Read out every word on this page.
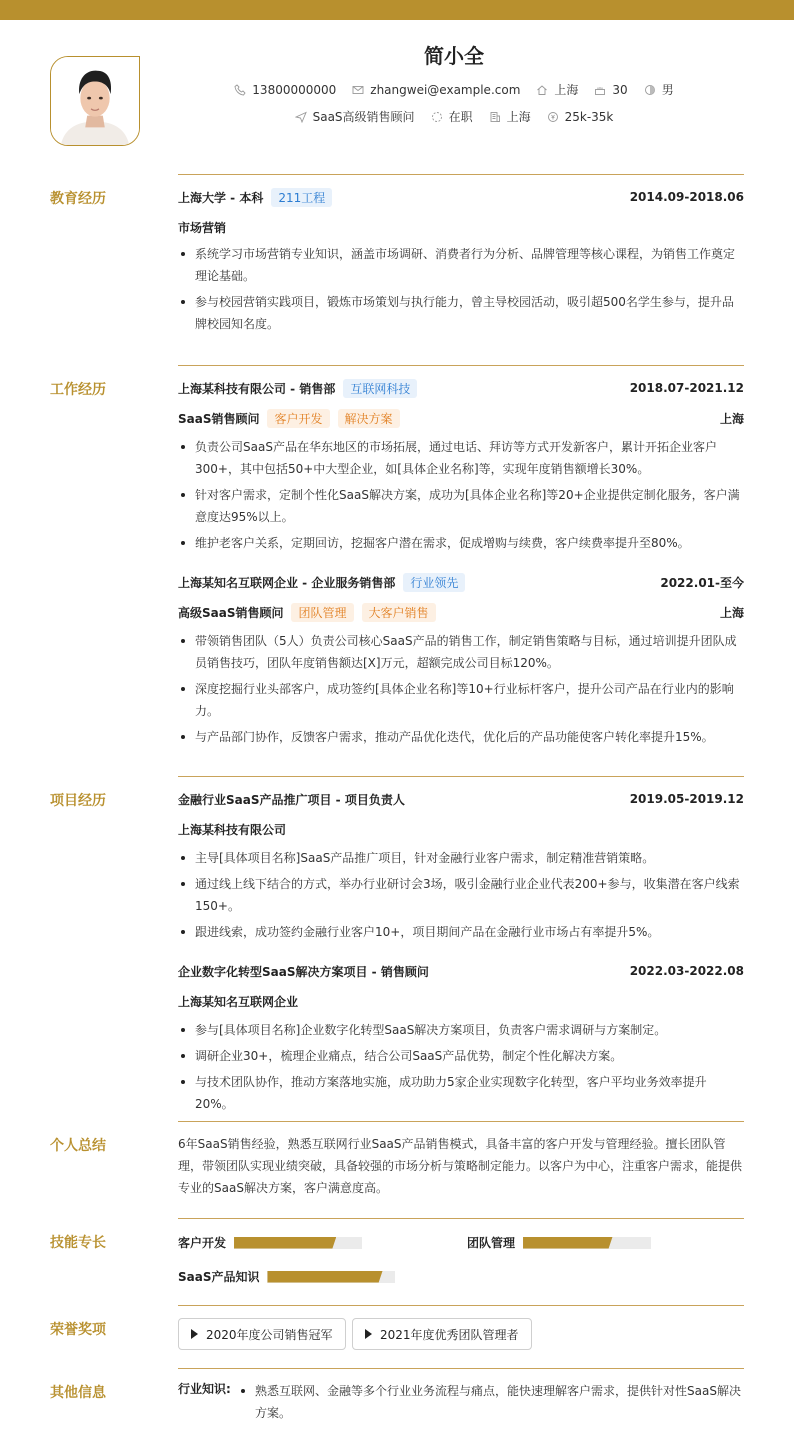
简小全
13800000000	zhangwei@example.com	上海	30	男
SaaS高级销售顾问	在职	上海	25k-35k
教育经历	上海大学 - 本科	211工程	2014.09-2018.06
市场营销
系统学习市场营销专业知识，涵盖市场调研、消费者行为分析、品牌管理等核心课程，为销售工作奠定理论基础。
参与校园营销实践项目，锻炼市场策划与执行能力，曾主导校园活动，吸引超500名学生参与，提升品牌校园知名度。
工作经历	上海某科技有限公司 - 销售部	互联网科技	2018.07-2021.12
SaaS销售顾问	客户开发	解决方案	上海
负责公司SaaS产品在华东地区的市场拓展，通过电话、拜访等方式开发新客户，累计开拓企业客户300+，其中包括50+中大型企业，如[具体企业名称]等，实现年度销售额增长30%。
针对客户需求，定制个性化SaaS解决方案，成功为[具体企业名称]等20+企业提供定制化服务，客户满意度达95%以上。
维护老客户关系，定期回访，挖掘客户潜在需求，促成增购与续费，客户续费率提升至80%。
上海某知名互联网企业 - 企业服务销售部	行业领先	2022.01-至今
高级SaaS销售顾问	团队管理	大客户销售	上海
带领销售团队（5人）负责公司核心SaaS产品的销售工作，制定销售策略与目标，通过培训提升团队成员销售技巧，团队年度销售额达[X]万元，超额完成公司目标120%。
深度挖掘行业头部客户，成功签约[具体企业名称]等10+行业标杆客户，提升公司产品在行业内的影响力。
与产品部门协作，反馈客户需求，推动产品优化迭代，优化后的产品功能使客户转化率提升15%。
项目经历	金融行业SaaS产品推广项目 - 项目负责人	2019.05-2019.12
上海某科技有限公司
主导[具体项目名称]SaaS产品推广项目，针对金融行业客户需求，制定精准营销策略。
通过线上线下结合的方式，举办行业研讨会3场，吸引金融行业企业代表200+参与，收集潜在客户线索150+。
跟进线索，成功签约金融行业客户10+，项目期间产品在金融行业市场占有率提升5%。
企业数字化转型SaaS解决方案项目 - 销售顾问	2022.03-2022.08
上海某知名互联网企业
参与[具体项目名称]企业数字化转型SaaS解决方案项目，负责客户需求调研与方案制定。
调研企业30+，梳理企业痛点，结合公司SaaS产品优势，制定个性化解决方案。
与技术团队协作，推动方案落地实施，成功助力5家企业实现数字化转型，客户平均业务效率提升20%。
个人总结	6年SaaS销售经验，熟悉互联网行业SaaS产品销售模式，具备丰富的客户开发与管理经验。擅长团队管理，带领团队实现业绩突破，具备较强的市场分析与策略制定能力。以客户为中心，注重客户需求，能提供专业的SaaS解决方案，客户满意度高。
技能专长	客户开发	团队管理
SaaS产品知识
荣誉奖项	2020年度公司销售冠军	2021年度优秀团队管理者
其他信息	行业知识:	熟悉互联网、金融等多个行业业务流程与痛点，能快速理解客户需求，提供针对性SaaS解决方案。
